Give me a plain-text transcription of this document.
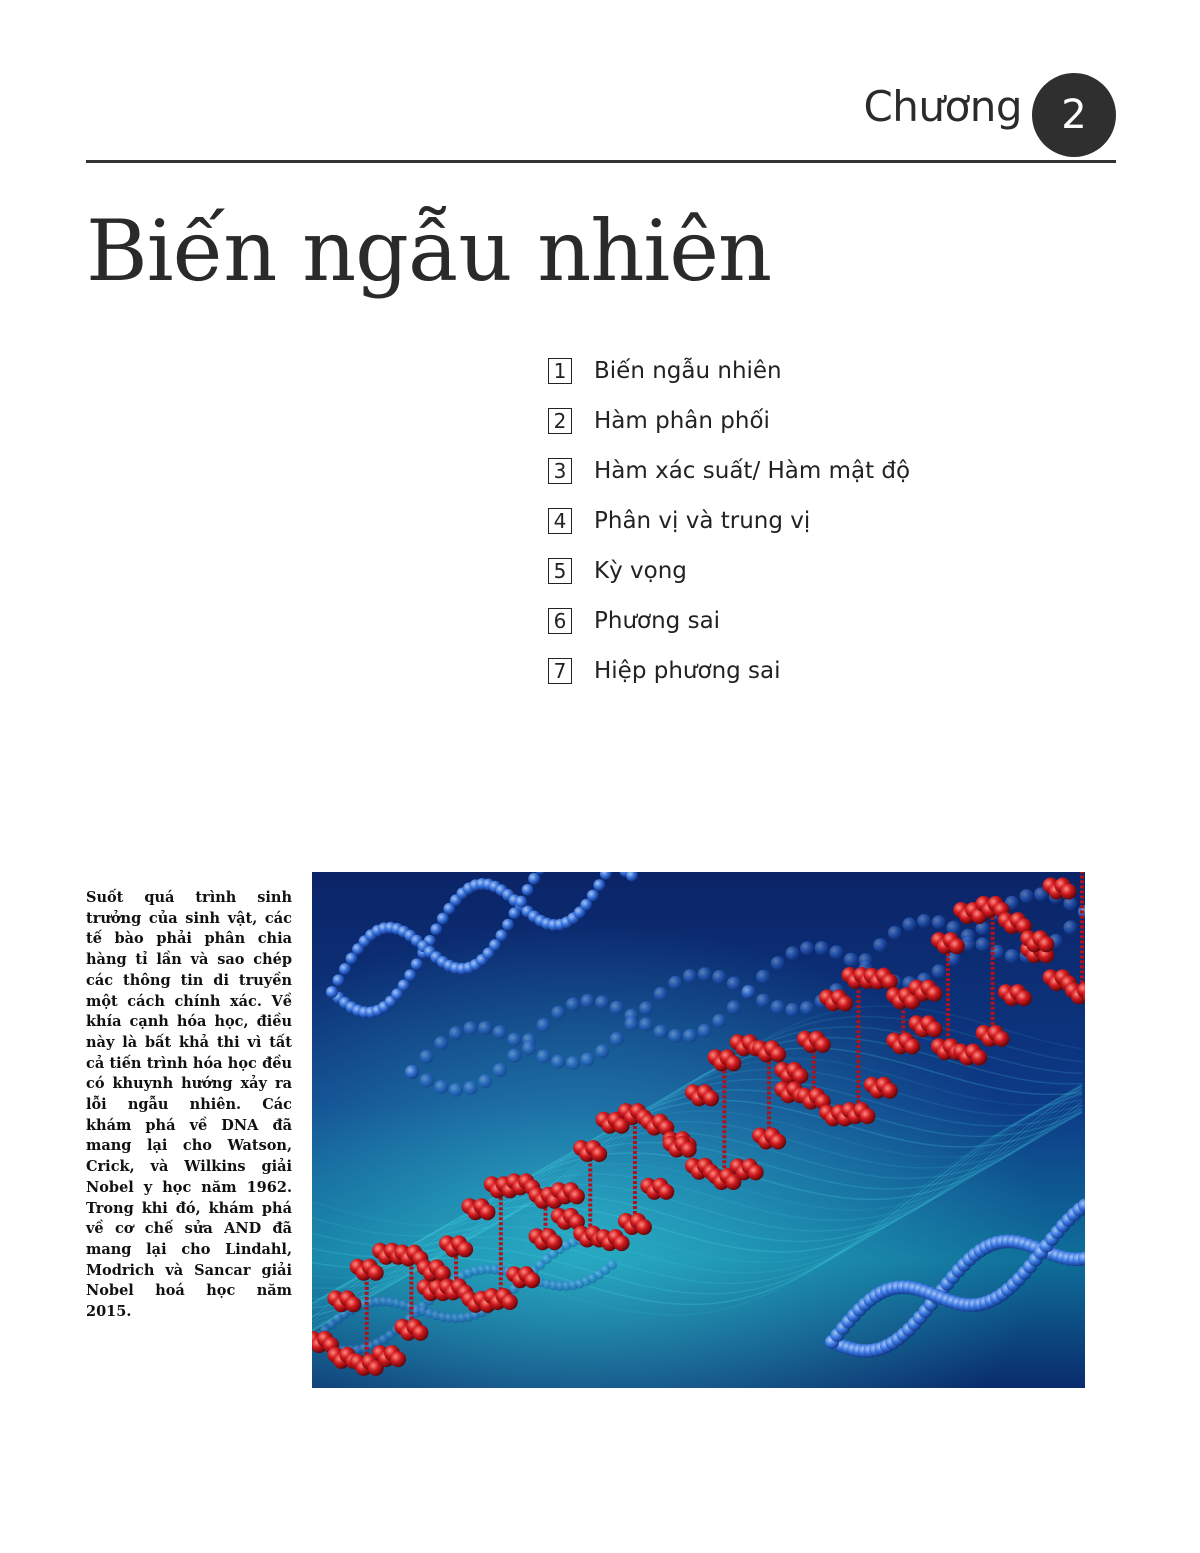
Chương 2
Biến ngẫu nhiên
1 Biến ngẫu nhiên
2 Hàm phân phối
3 Hàm xác suất/ Hàm mật độ
4 Phân vị và trung vị
5 Kỳ vọng
6 Phương sai
7 Hiệp phương sai

Suốt quá trình sinh trưởng của sinh vật, các tế bào phải phân chia hàng tỉ lần và sao chép các thông tin di truyền một cách chính xác. Về khía cạnh hóa học, điều này là bất khả thi vì tất cả tiến trình hóa học đều có khuynh hướng xảy ra lỗi ngẫu nhiên. Các khám phá về DNA đã mang lại cho Watson, Crick, và Wilkins giải Nobel y học năm 1962. Trong khi đó, khám phá về cơ chế sửa AND đã mang lại cho Lindahl, Modrich và Sancar giải Nobel hoá học năm 2015.
